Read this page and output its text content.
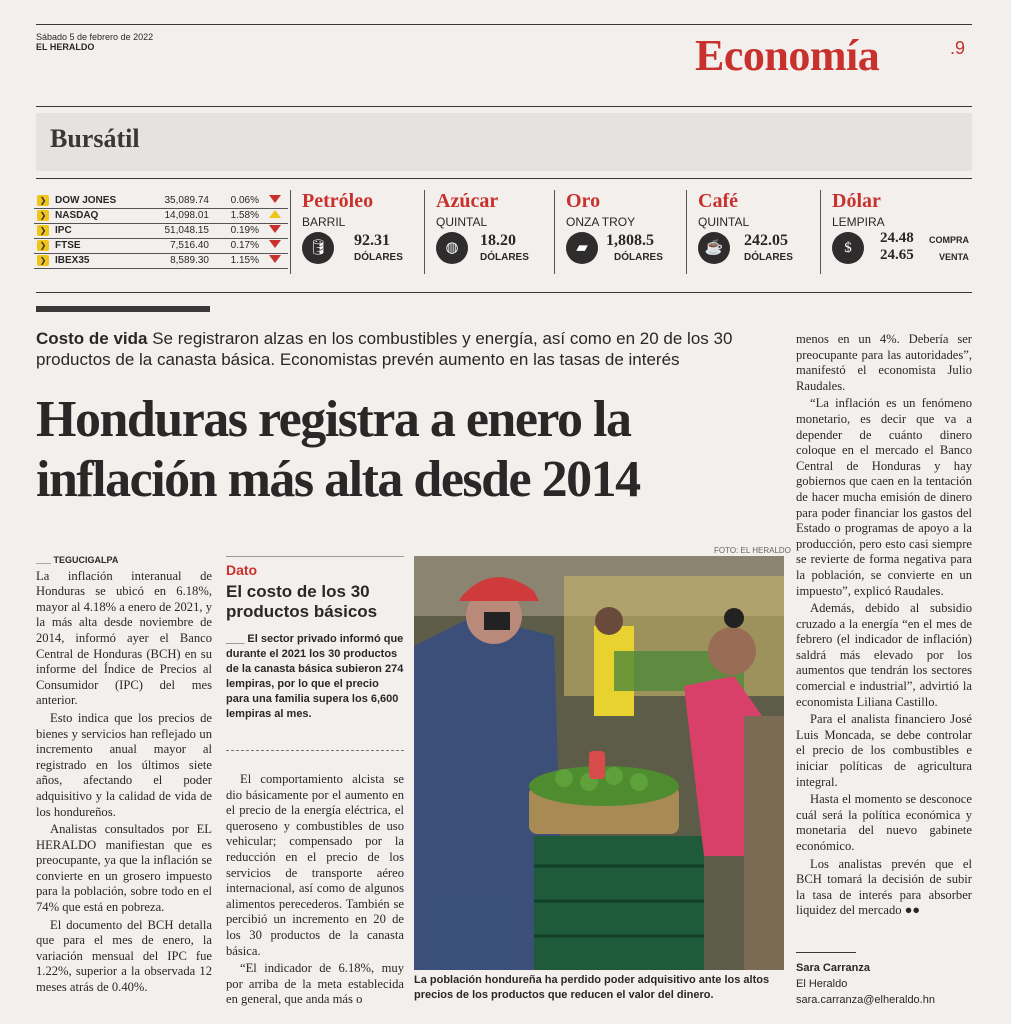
Sábado 5 de febrero de 2022
EL HERALDO	Economía	.9
Bursátil
❯	DOW JONES	35,089.74	0.06%	
❯	NASDAQ	14,098.01	1.58%	
❯	IPC	51,048.15	0.19%	
❯	FTSE	7,516.40	0.17%	
❯	IBEX35	8,589.30	1.15%	
Petróleo
BARRIL
🛢	92.31
DÓLARES
Azúcar
QUINTAL
◍	18.20
DÓLARES
Oro
ONZA TROY
▰	1,808.5
DÓLARES
Café
QUINTAL
☕	242.05
DÓLARES
Dólar
LEMPIRA
$
24.48 COMPRA
24.65	VENTA
Costo de vida Se registraron alzas en los combustibles y energía, así como en 20 de los 30 productos de la canasta básica. Economistas prevén aumento en las tasas de interés
Honduras registra a enero la inflación más alta desde 2014
___ TEGUCIGALPA

La inflación interanual de Honduras se ubicó en 6.18%, mayor al 4.18% a enero de 2021, y la más alta desde noviembre de 2014, informó ayer el Banco Central de Honduras (BCH) en su informe del Índice de Precios al Consumidor (IPC) del mes anterior.

Esto indica que los precios de bienes y servicios han reflejado un incremento anual mayor al registrado en los últimos siete años, afectando el poder adquisitivo y la calidad de vida de los hondureños.

Analistas consultados por EL HERALDO manifiestan que es preocupante, ya que la inflación se convierte en un grosero impuesto para la población, sobre todo en el 74% que está en pobreza.

El documento del BCH detalla que para el mes de enero, la variación mensual del IPC fue 1.22%, superior a la observada 12 meses atrás de 0.40%.

Dato
El costo de los 30 productos básicos
___ El sector privado informó que durante el 2021 los 30 productos de la canasta básica subieron 274 lempiras, por lo que el precio para una familia supera los 6,600 lempiras al mes.

El comportamiento alcista se dio básicamente por el aumento en el precio de la energía eléctrica, el queroseno y combustibles de uso vehicular; compensado por la reducción en el precio de los servicios de transporte aéreo internacional, así como de algunos alimentos perecederos. También se percibió un incremento en 20 de los 30 productos de la canasta básica.

“El indicador de 6.18%, muy por arriba de la meta establecida en general, que anda más o

FOTO: EL HERALDO
La población hondureña ha perdido poder adquisitivo ante los altos precios de los productos que reducen el valor del dinero.

menos en un 4%. Debería ser preocupante para las autoridades”, manifestó el economista Julio Raudales.

“La inflación es un fenómeno monetario, es decir que va a depender de cuánto dinero coloque en el mercado el Banco Central de Honduras y hay gobiernos que caen en la tentación de hacer mucha emisión de dinero para poder financiar los gastos del Estado o programas de apoyo a la producción, pero esto casi siempre se revierte de forma negativa para la población, se convierte en un impuesto”, explicó Raudales.

Además, debido al subsidio cruzado a la energía “en el mes de febrero (el indicador de inflación) saldrá más elevado por los aumentos que tendrán los sectores comercial e industrial”, advirtió la economista Liliana Castillo.

Para el analista financiero José Luis Moncada, se debe controlar el precio de los combustibles e iniciar políticas de agricultura integral.

Hasta el momento se desconoce cuál será la política económica y monetaria del nuevo gabinete económico.

Los analistas prevén que el BCH tomará la decisión de subir la tasa de interés para absorber liquidez del mercado ●●

Sara Carranza
El Heraldo
sara.carranza@elheraldo.hn
